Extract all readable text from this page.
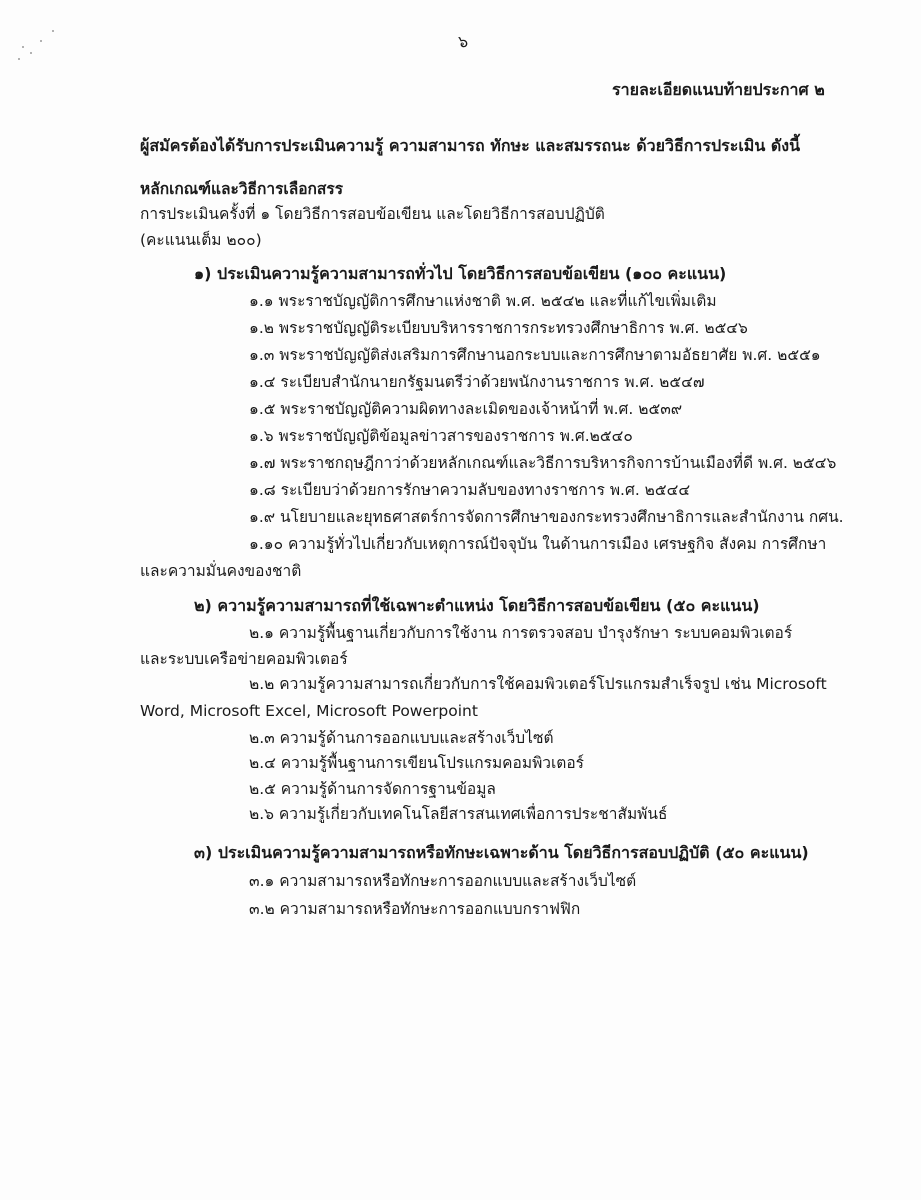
๖
รายละเอียดแนบท้ายประกาศ ๒
ผู้สมัครต้องได้รับการประเมินความรู้ ความสามารถ ทักษะ และสมรรถนะ ด้วยวิธีการประเมิน ดังนี้
หลักเกณฑ์และวิธีการเลือกสรร
การประเมินครั้งที่ ๑ โดยวิธีการสอบข้อเขียน และโดยวิธีการสอบปฏิบัติ
(คะแนนเต็ม ๒๐๐)
๑) ประเมินความรู้ความสามารถทั่วไป โดยวิธีการสอบข้อเขียน (๑๐๐ คะแนน)
๑.๑ พระราชบัญญัติการศึกษาแห่งชาติ พ.ศ. ๒๕๔๒ และที่แก้ไขเพิ่มเติม
๑.๒ พระราชบัญญัติระเบียบบริหารราชการกระทรวงศึกษาธิการ พ.ศ. ๒๕๔๖
๑.๓ พระราชบัญญัติส่งเสริมการศึกษานอกระบบและการศึกษาตามอัธยาศัย พ.ศ. ๒๕๕๑
๑.๔ ระเบียบสำนักนายกรัฐมนตรีว่าด้วยพนักงานราชการ พ.ศ. ๒๕๔๗
๑.๕ พระราชบัญญัติความผิดทางละเมิดของเจ้าหน้าที่ พ.ศ. ๒๕๓๙
๑.๖ พระราชบัญญัติข้อมูลข่าวสารของราชการ พ.ศ.๒๕๔๐
๑.๗ พระราชกฤษฎีกาว่าด้วยหลักเกณฑ์และวิธีการบริหารกิจการบ้านเมืองที่ดี พ.ศ. ๒๕๔๖
๑.๘ ระเบียบว่าด้วยการรักษาความลับของทางราชการ พ.ศ. ๒๕๔๔
๑.๙ นโยบายและยุทธศาสตร์การจัดการศึกษาของกระทรวงศึกษาธิการและสำนักงาน กศน.
๑.๑๐ ความรู้ทั่วไปเกี่ยวกับเหตุการณ์ปัจจุบัน ในด้านการเมือง เศรษฐกิจ สังคม การศึกษา
และความมั่นคงของชาติ
๒) ความรู้ความสามารถที่ใช้เฉพาะตำแหน่ง โดยวิธีการสอบข้อเขียน (๕๐ คะแนน)
๒.๑ ความรู้พื้นฐานเกี่ยวกับการใช้งาน การตรวจสอบ บำรุงรักษา ระบบคอมพิวเตอร์
และระบบเครือข่ายคอมพิวเตอร์
๒.๒ ความรู้ความสามารถเกี่ยวกับการใช้คอมพิวเตอร์โปรแกรมสำเร็จรูป เช่น Microsoft
Word, Microsoft Excel, Microsoft Powerpoint
๒.๓ ความรู้ด้านการออกแบบและสร้างเว็บไซต์
๒.๔ ความรู้พื้นฐานการเขียนโปรแกรมคอมพิวเตอร์
๒.๕ ความรู้ด้านการจัดการฐานข้อมูล
๒.๖ ความรู้เกี่ยวกับเทคโนโลยีสารสนเทศเพื่อการประชาสัมพันธ์
๓) ประเมินความรู้ความสามารถหรือทักษะเฉพาะด้าน โดยวิธีการสอบปฏิบัติ (๕๐ คะแนน)
๓.๑ ความสามารถหรือทักษะการออกแบบและสร้างเว็บไซต์
๓.๒ ความสามารถหรือทักษะการออกแบบกราฟฟิก
